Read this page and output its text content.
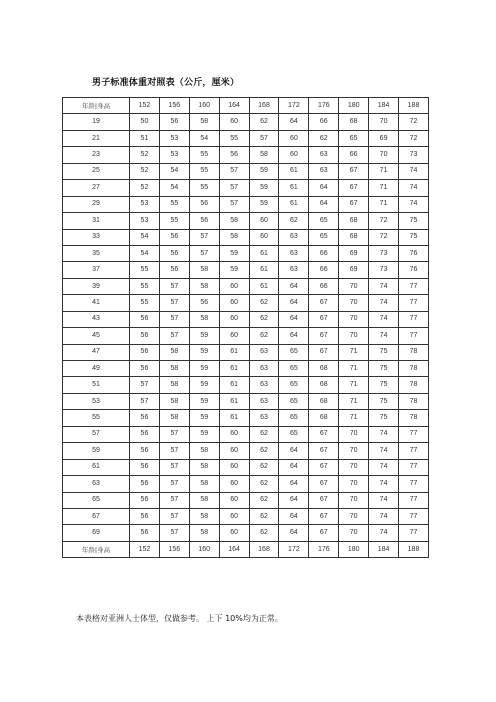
男子标准体重对照表（公斤，厘米）
年龄|身高	152	156	160	164	168	172	176	180	184	188
19	50	56	58	60	62	64	66	68	70	72
21	51	53	54	55	57	60	62	65	69	72
23	52	53	55	56	58	60	63	66	70	73
25	52	54	55	57	59	61	63	67	71	74
27	52	54	55	57	59	61	64	67	71	74
29	53	55	56	57	59	61	64	67	71	74
31	53	55	56	58	60	62	65	68	72	75
33	54	56	57	58	60	63	65	68	72	75
35	54	56	57	59	61	63	66	69	73	76
37	55	56	58	59	61	63	66	69	73	76
39	55	57	58	60	61	64	66	70	74	77
41	55	57	56	60	62	64	67	70	74	77
43	56	57	58	60	62	64	67	70	74	77
45	56	57	59	60	62	64	67	70	74	77
47	56	58	59	61	63	65	67	71	75	78
49	56	58	59	61	63	65	68	71	75	78
51	57	58	59	61	63	65	68	71	75	78
53	57	58	59	61	63	65	68	71	75	78
55	56	58	59	61	63	65	68	71	75	78
57	56	57	59	60	62	65	67	70	74	77
59	56	57	58	60	62	64	67	70	74	77
61	56	57	58	60	62	64	67	70	74	77
63	56	57	58	60	62	64	67	70	74	77
65	56	57	58	60	62	64	67	70	74	77
67	56	57	58	60	62	64	67	70	74	77
69	56	57	58	60	62	64	67	70	74	77
年龄|身高	152	156	160	164	168	172	176	180	184	188
本表格对亚洲人士体型，仅做参考。 上下 10%均为正常。
